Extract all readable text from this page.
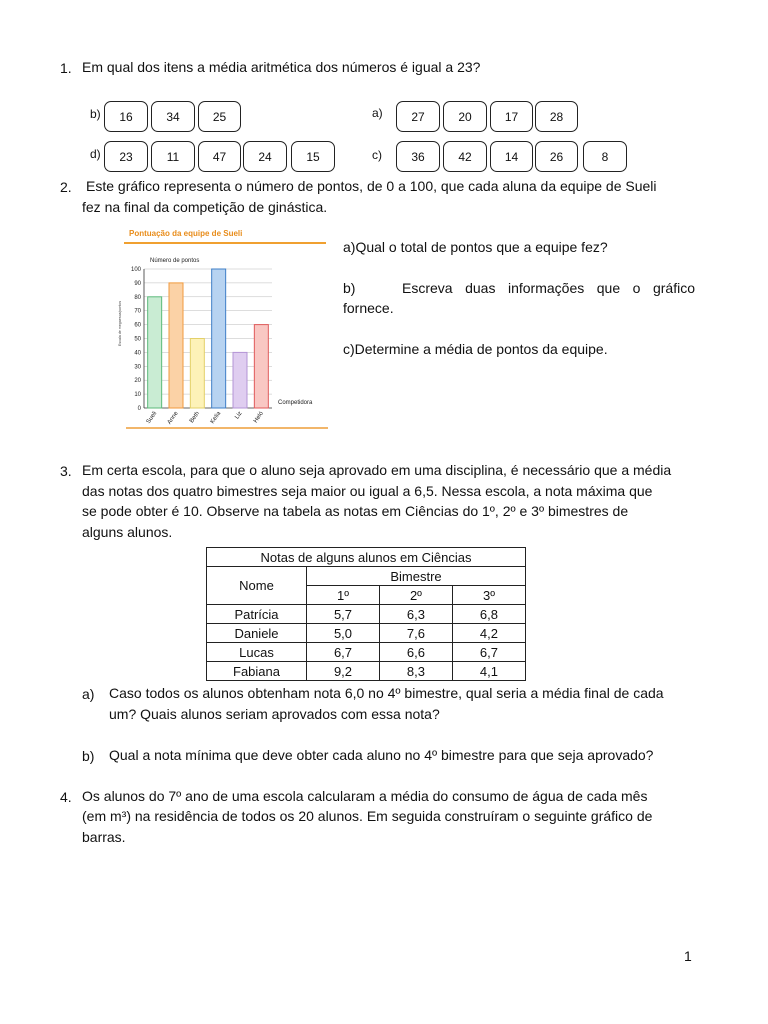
1. Em qual dos itens a média aritmética dos números é igual a 23?
b)	16	34	25	a)	27	20	17	28
d)	23	11	47	24	15	c)	36	42	14	26	8
2. Este gráfico representa o número de pontos, de 0 a 100, que cada aluna da equipe de Sueli
fez na final da competição de ginástica.
Pontuação da equipe de Sueli
Número de pontos
Escala de megaesca/pontos
Competidora
0
10
20
30
40
50
60
70
80
90
100
Sueli Anne Beth Kelia Liz Heló
a)Qual o total de pontos que a equipe fez?
b)	Escreva duas informações que o gráfico
fornece.
c)Determine a média de pontos da equipe.
3. Em certa escola, para que o aluno seja aprovado em uma disciplina, é necessário que a média
das notas dos quatro bimestres seja maior ou igual a 6,5. Nessa escola, a nota máxima que
se pode obter é 10. Observe na tabela as notas em Ciências do 1º, 2º e 3º bimestres de
alguns alunos.
Notas de alguns alunos em Ciências			
Nome	Bimestre		
	1º	2º	3º
Patrícia	5,7	6,3	6,8
Daniele	5,0	7,6	4,2
Lucas	6,7	6,6	6,7
Fabiana	9,2	8,3	4,1
a) Caso todos os alunos obtenham nota 6,0 no 4º bimestre, qual seria a média final de cada
um? Quais alunos seriam aprovados com essa nota?
b) Qual a nota mínima que deve obter cada aluno no 4º bimestre para que seja aprovado?
4. Os alunos do 7º ano de uma escola calcularam a média do consumo de água de cada mês
(em m³) na residência de todos os 20 alunos. Em seguida construíram o seguinte gráfico de
barras.
1
